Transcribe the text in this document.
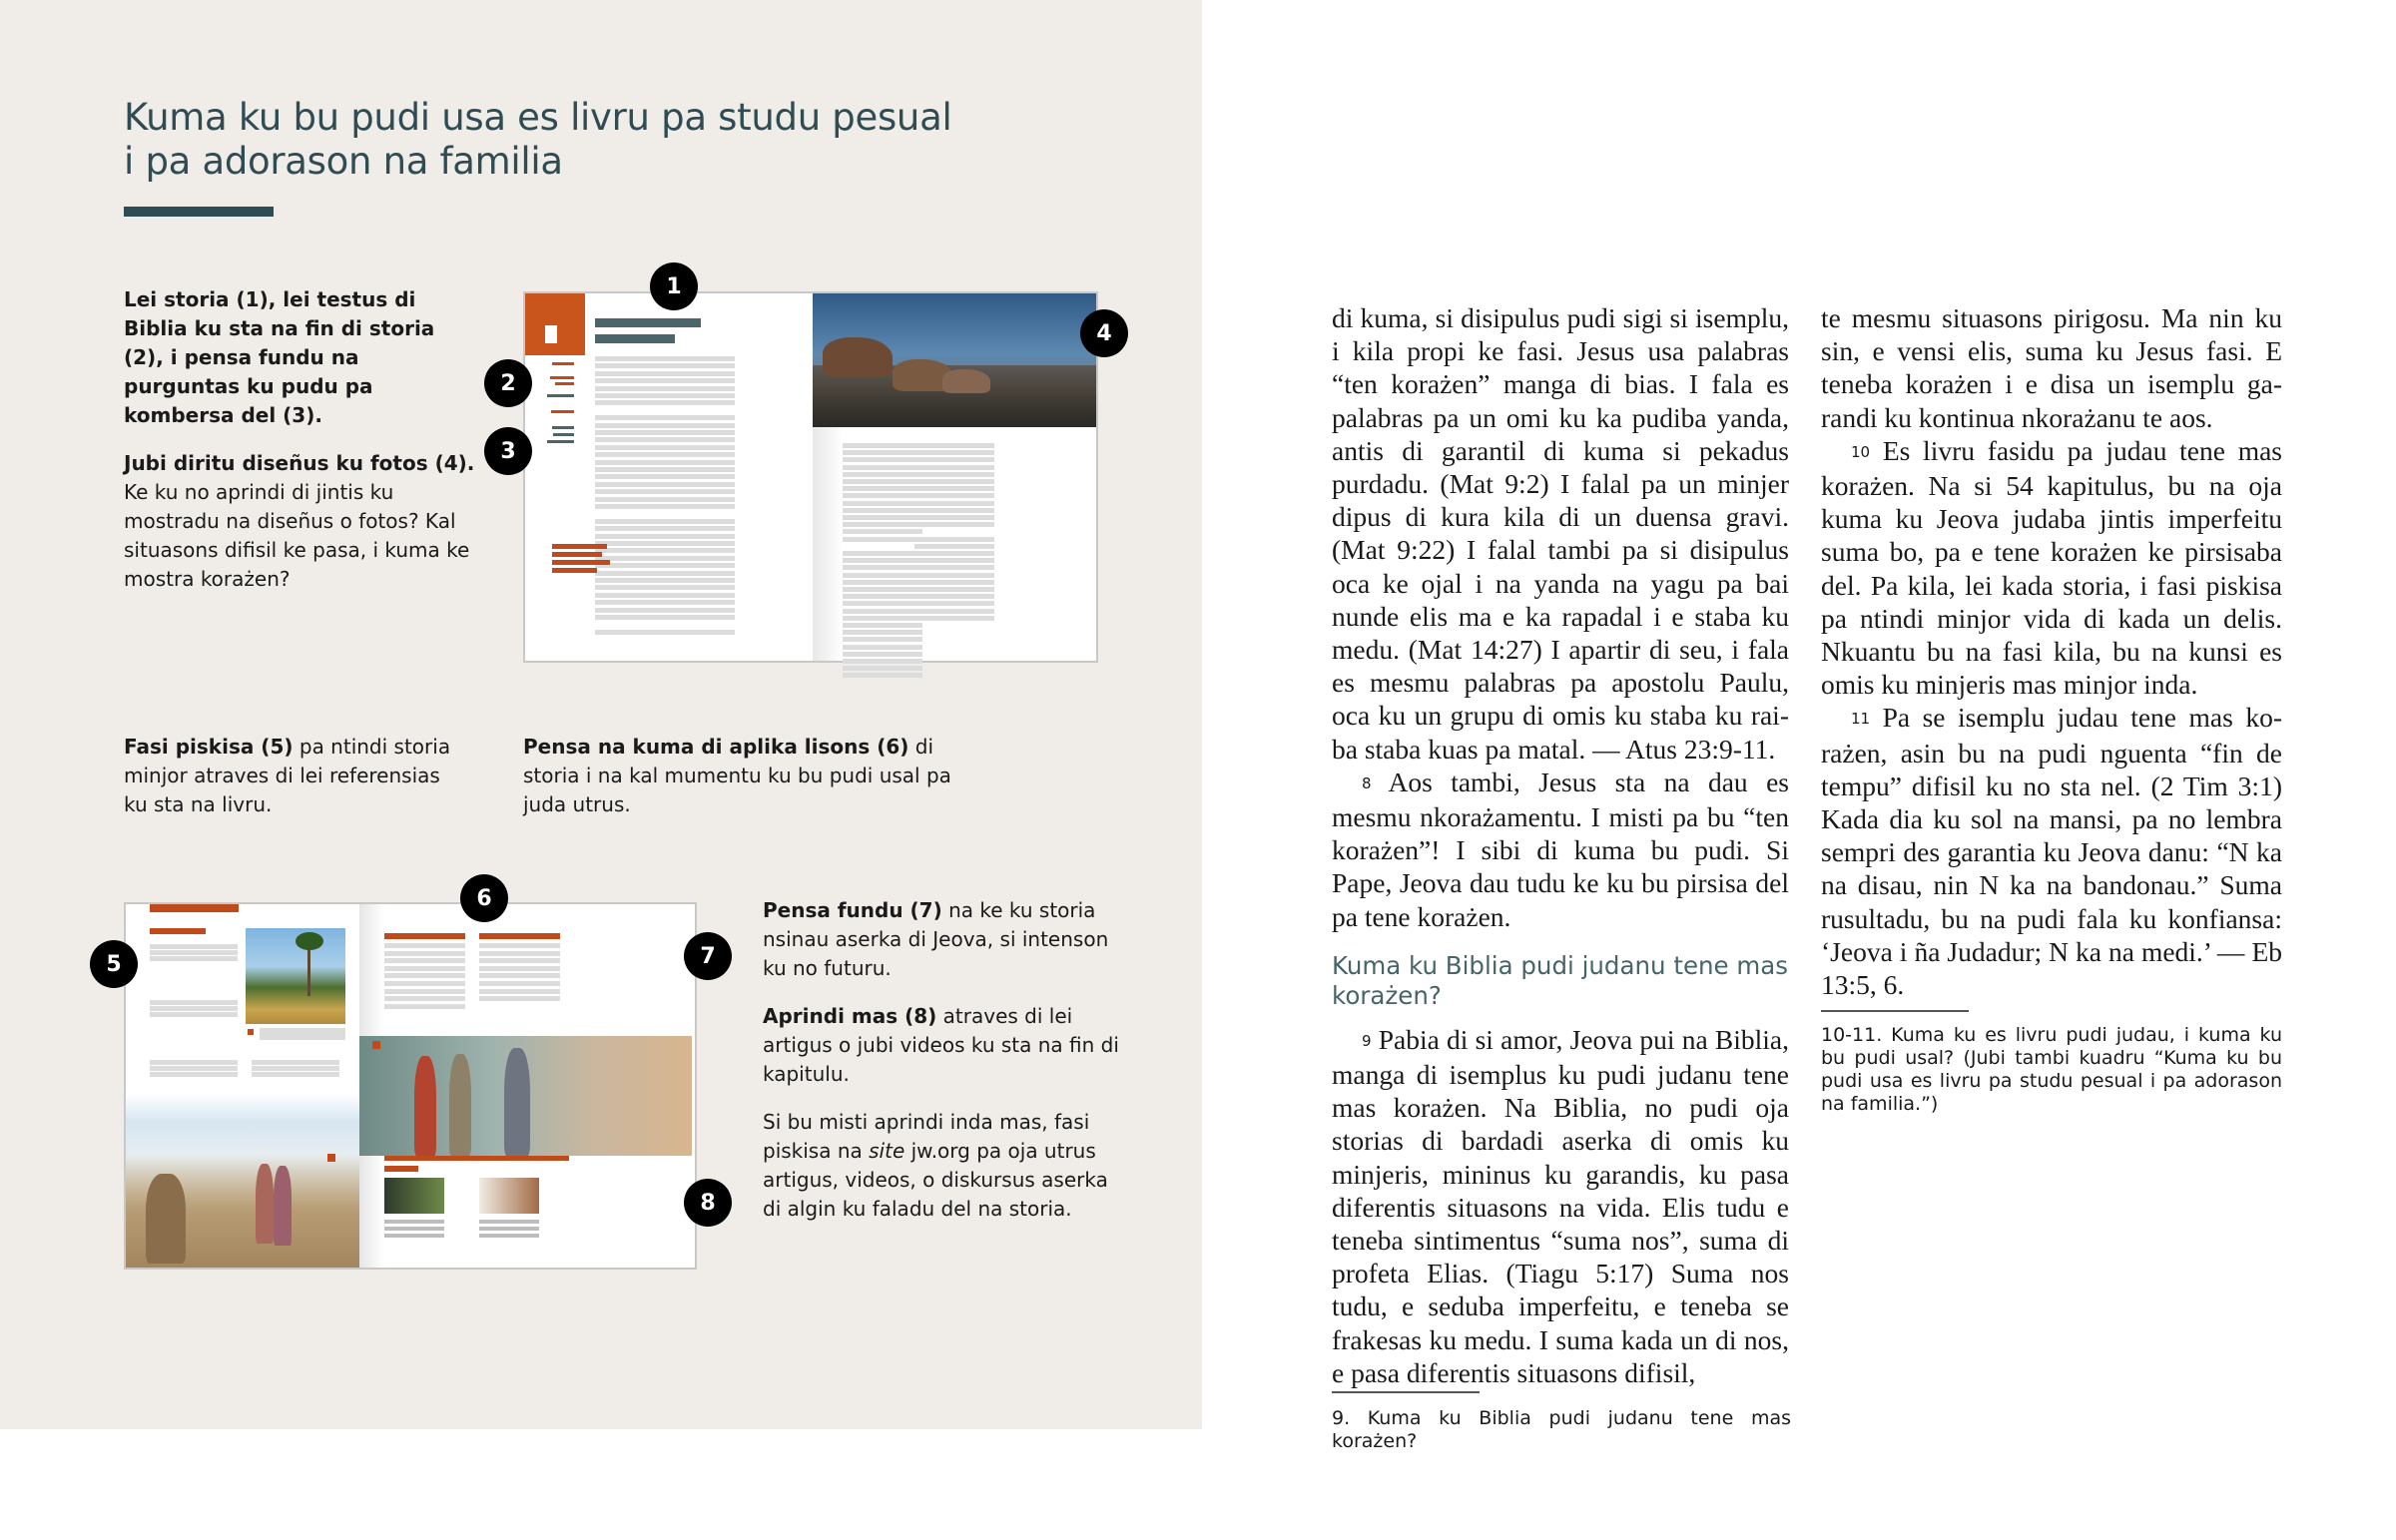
Kuma ku bu pudi usa es livru pa studu pesual
i pa adorason na familia

Lei storia (1), lei testus di Biblia ku sta na fin di storia (2), i pensa fundu na purguntas ku pudu pa kombersa del (3).

Jubi diritu diseñus ku fotos (4). Ke ku no aprindi di jintis ku mostradu na diseñus o fotos? Kal situasons difisil ke pasa, i kuma ke mostra korażen?

Fasi piskisa (5) pa ntindi storia minjor atraves di lei referensias ku sta na livru.

Pensa na kuma di aplika lisons (6) di storia i na kal mumentu ku bu pudi usal pa juda utrus.

Pensa fundu (7) na ke ku storia nsinau aserka di Jeova, si intenson ku no futuru.

Aprindi mas (8) atraves di lei artigus o jubi videos ku sta na fin di kapitulu.

Si bu misti aprindi inda mas, fasi piskisa na site jw.org pa oja utrus artigus, videos, o diskursus aserka di algin ku faladu del na storia.

1
2
3
4
6
5	7
8

di kuma, si disipulus pudi sigi si isemplu, i kila propi ke fasi. Jesus usa palabras “ten korażen” manga di bias. I fala es palabras pa un omi ku ka pudiba yanda, antis di garantil di kuma si pekadus purdadu. (Mat 9:2) I falal pa un minjer dipus di kura kila di un duensa gravi. (Mat 9:22) I falal tambi pa si disipulus oca ke ojal i na yanda na yagu pa bai nunde elis ma e ka rapadal i e staba ku medu. (Mat 14:27) I apartir di seu, i fala es mesmu palabras pa apostolu Paulu, oca ku un grupu di omis ku staba ku raiba staba kuas pa matal. — Atus 23:9-11.

8 Aos tambi, Jesus sta na dau es mesmu nkorażamentu. I misti pa bu “ten korażen”! I sibi di kuma bu pudi. Si Pape, Jeova dau tudu ke ku bu pirsisa del pa tene korażen.

Kuma ku Biblia pudi judanu tene mas korażen?

9 Pabia di si amor, Jeova pui na Biblia, manga di isemplus ku pudi judanu tene mas korażen. Na Biblia, no pudi oja storias di bardadi aserka di omis ku minjeris, mininus ku garandis, ku pasa diferentis situasons na vida. Elis tudu e teneba sintimentus “suma nos”, suma di profeta Elias. (Tiagu 5:17) Suma nos tudu, e seduba imperfeitu, e teneba se frakesas ku medu. I suma kada un di nos, e pasa diferentis situasons difisil,

9. Kuma ku Biblia pudi judanu tene mas korażen?

te mesmu situasons pirigosu. Ma nin ku sin, e vensi elis, suma ku Jesus fasi. E teneba korażen i e disa un isemplu garandi ku kontinua nkorażanu te aos.

10 Es livru fasidu pa judau tene mas korażen. Na si 54 kapitulus, bu na oja kuma ku Jeova judaba jintis imperfeitu suma bo, pa e tene korażen ke pirsisaba del. Pa kila, lei kada storia, i fasi piskisa pa ntindi minjor vida di kada un delis. Nkuantu bu na fasi kila, bu na kunsi es omis ku minjeris mas minjor inda.

11 Pa se isemplu judau tene mas korażen, asin bu na pudi nguenta “fin de tempu” difisil ku no sta nel. (2 Tim 3:1) Kada dia ku sol na mansi, pa no lembra sempri des garantia ku Jeova danu: “N ka na disau, nin N ka na bandonau.” Suma rusultadu, bu na pudi fala ku konfiansa: ‘Jeova i ña Judadur; N ka na medi.’ — Eb 13:5, 6.

10-11. Kuma ku es livru pudi judau, i kuma ku bu pudi usal? (Jubi tambi kuadru “Kuma ku bu pudi usa es livru pa studu pesual i pa adorason na familia.”)
